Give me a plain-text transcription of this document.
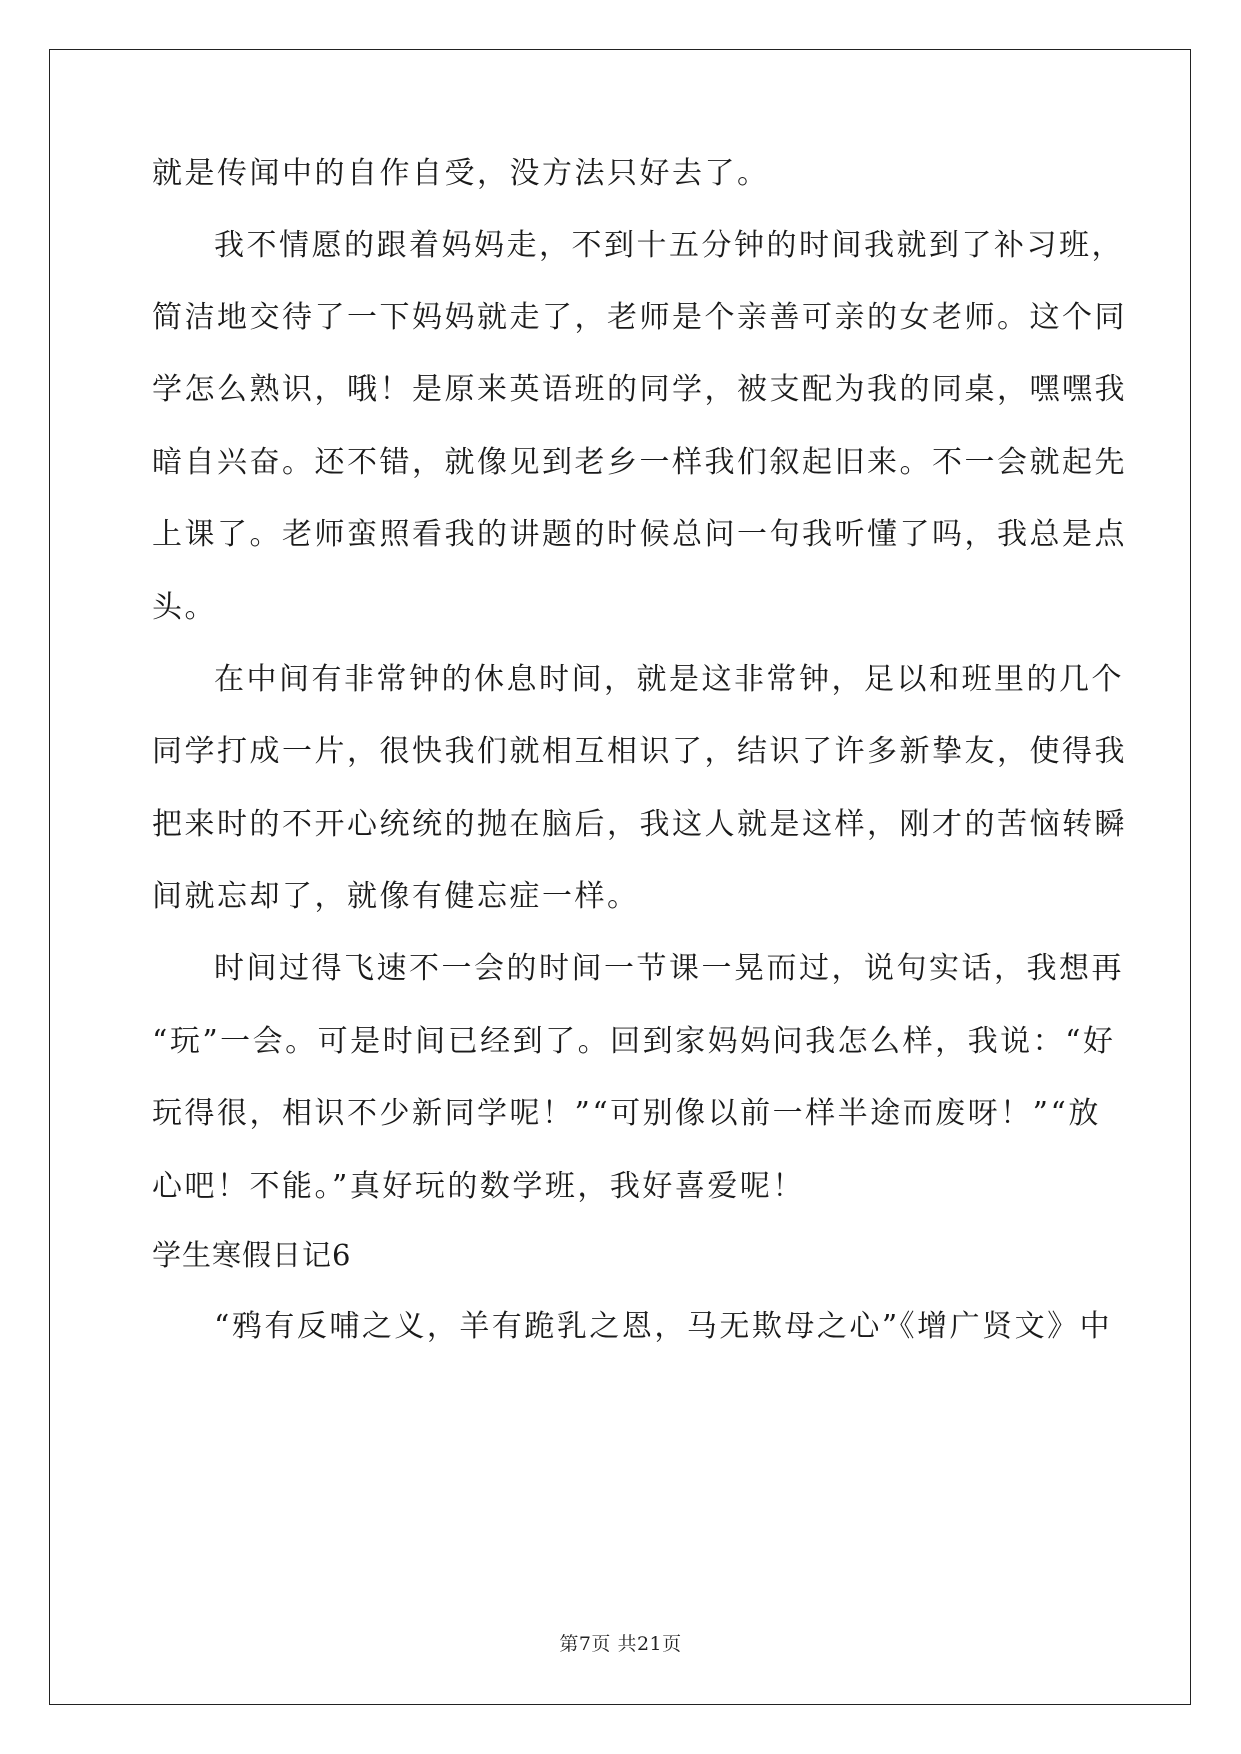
就是传闻中的自作自受，没方法只好去了。
我不情愿的跟着妈妈走，不到十五分钟的时间我就到了补习班，
简洁地交待了一下妈妈就走了，老师是个亲善可亲的女老师。这个同
学怎么熟识，哦！是原来英语班的同学，被支配为我的同桌，嘿嘿我
暗自兴奋。还不错，就像见到老乡一样我们叙起旧来。不一会就起先
上课了。老师蛮照看我的讲题的时候总问一句我听懂了吗，我总是点
头。
在中间有非常钟的休息时间，就是这非常钟，足以和班里的几个
同学打成一片，很快我们就相互相识了，结识了许多新挚友，使得我
把来时的不开心统统的抛在脑后，我这人就是这样，刚才的苦恼转瞬
间就忘却了，就像有健忘症一样。
时间过得飞速不一会的时间一节课一晃而过，说句实话，我想再
“玩”一会。可是时间已经到了。回到家妈妈问我怎么样，我说：“好
玩得很，相识不少新同学呢！”“可别像以前一样半途而废呀！”“放
心吧！不能。”真好玩的数学班，我好喜爱呢！
学生寒假日记6
“鸦有反哺之义，羊有跪乳之恩，马无欺母之心”《增广贤文》中
第7页 共21页
